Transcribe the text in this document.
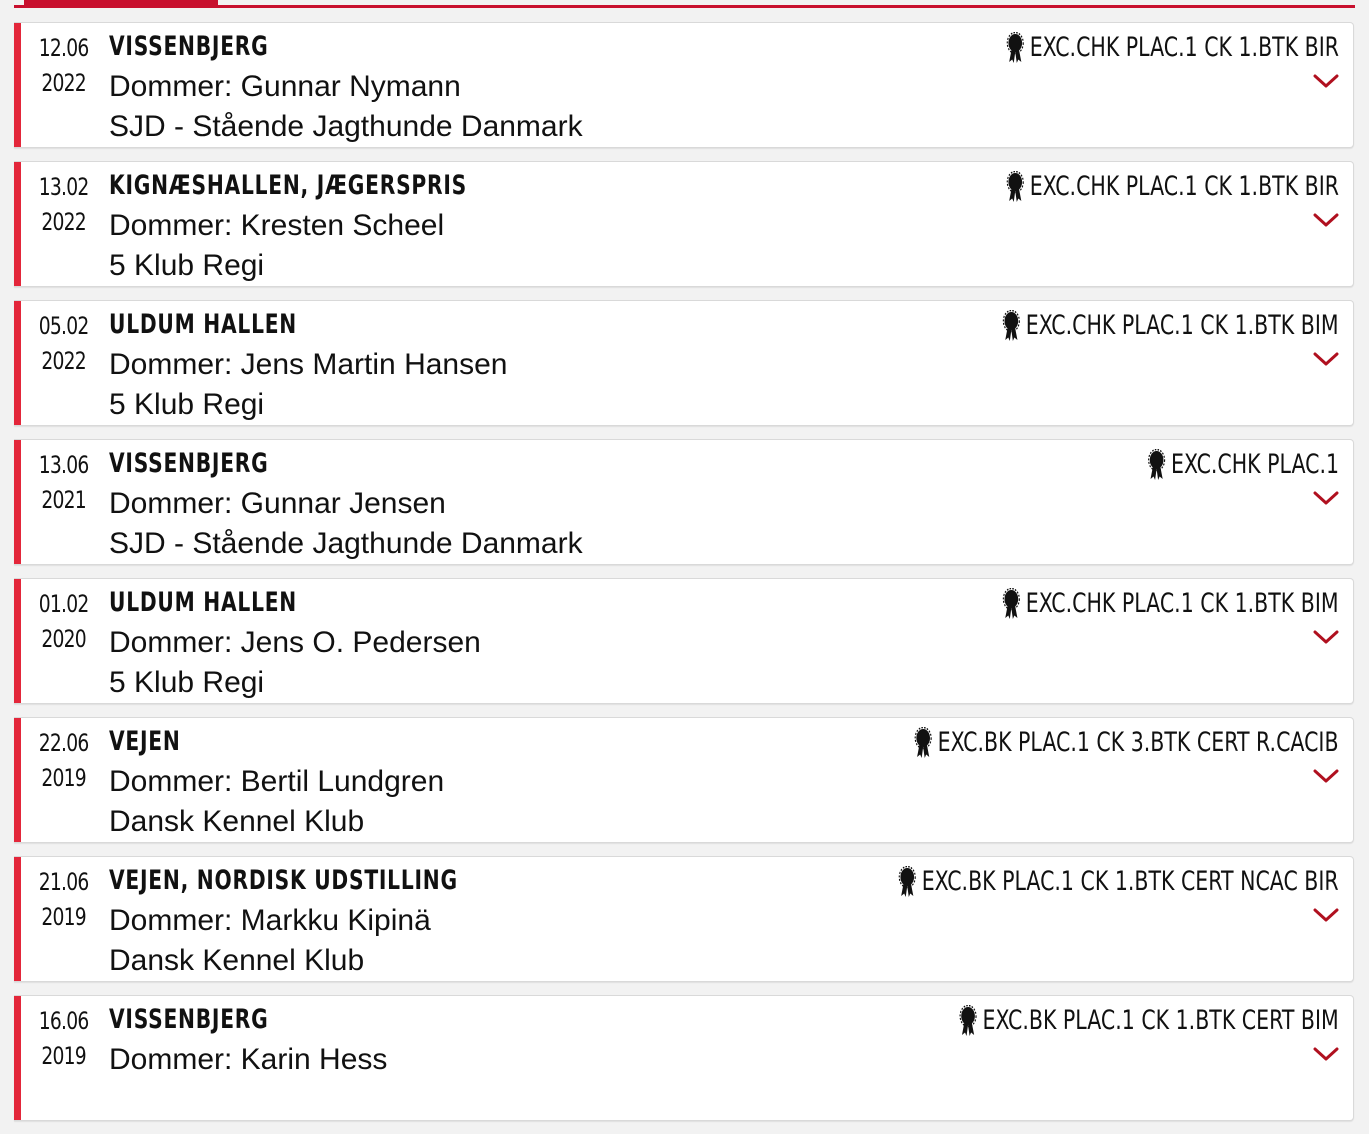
12.06
2022
VISSENBJERG
Dommer: Gunnar Nymann
SJD - Stående Jagthunde Danmark
EXC.CHK PLAC.1 CK 1.BTK BIR
13.02
2022
KIGNÆSHALLEN, JÆGERSPRIS
Dommer: Kresten Scheel
5 Klub Regi
EXC.CHK PLAC.1 CK 1.BTK BIR
05.02
2022
ULDUM HALLEN
Dommer: Jens Martin Hansen
5 Klub Regi
EXC.CHK PLAC.1 CK 1.BTK BIM
13.06
2021
VISSENBJERG
Dommer: Gunnar Jensen
SJD - Stående Jagthunde Danmark
EXC.CHK PLAC.1
01.02
2020
ULDUM HALLEN
Dommer: Jens O. Pedersen
5 Klub Regi
EXC.CHK PLAC.1 CK 1.BTK BIM
22.06
2019
VEJEN
Dommer: Bertil Lundgren
Dansk Kennel Klub
EXC.BK PLAC.1 CK 3.BTK CERT R.CACIB
21.06
2019
VEJEN, NORDISK UDSTILLING
Dommer: Markku Kipinä
Dansk Kennel Klub
EXC.BK PLAC.1 CK 1.BTK CERT NCAC BIR
16.06
2019
VISSENBJERG
Dommer: Karin Hess
EXC.BK PLAC.1 CK 1.BTK CERT BIM
